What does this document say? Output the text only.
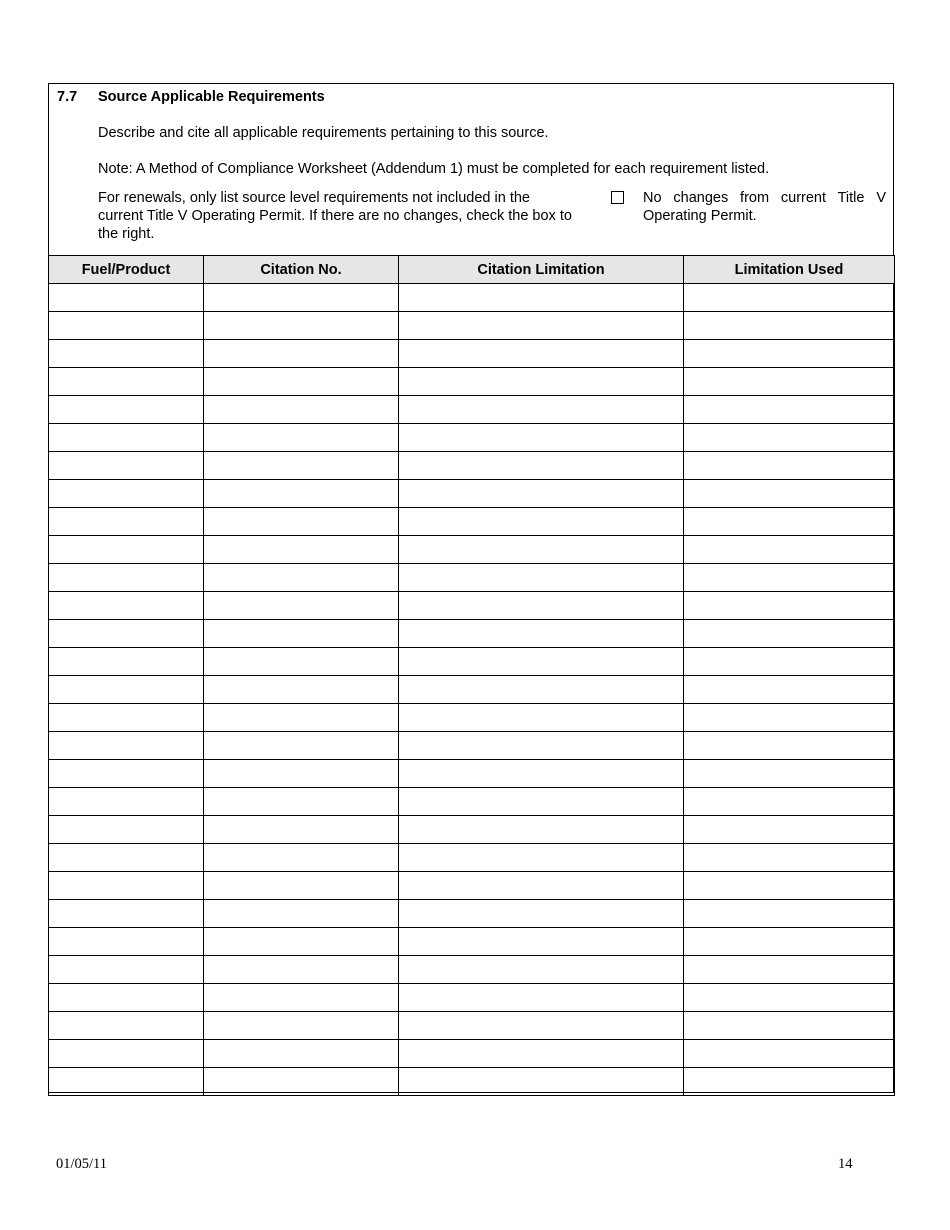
7.7 Source Applicable Requirements
Describe and cite all applicable requirements pertaining to this source.
Note: A Method of Compliance Worksheet (Addendum 1) must be completed for each requirement listed.
For renewals, only list source level requirements not included in the current Title V Operating Permit. If there are no changes, check the box to the right.
No changes from current Title V Operating Permit.
Fuel/Product	Citation No.	Citation Limitation	Limitation Used

01/05/11	14
